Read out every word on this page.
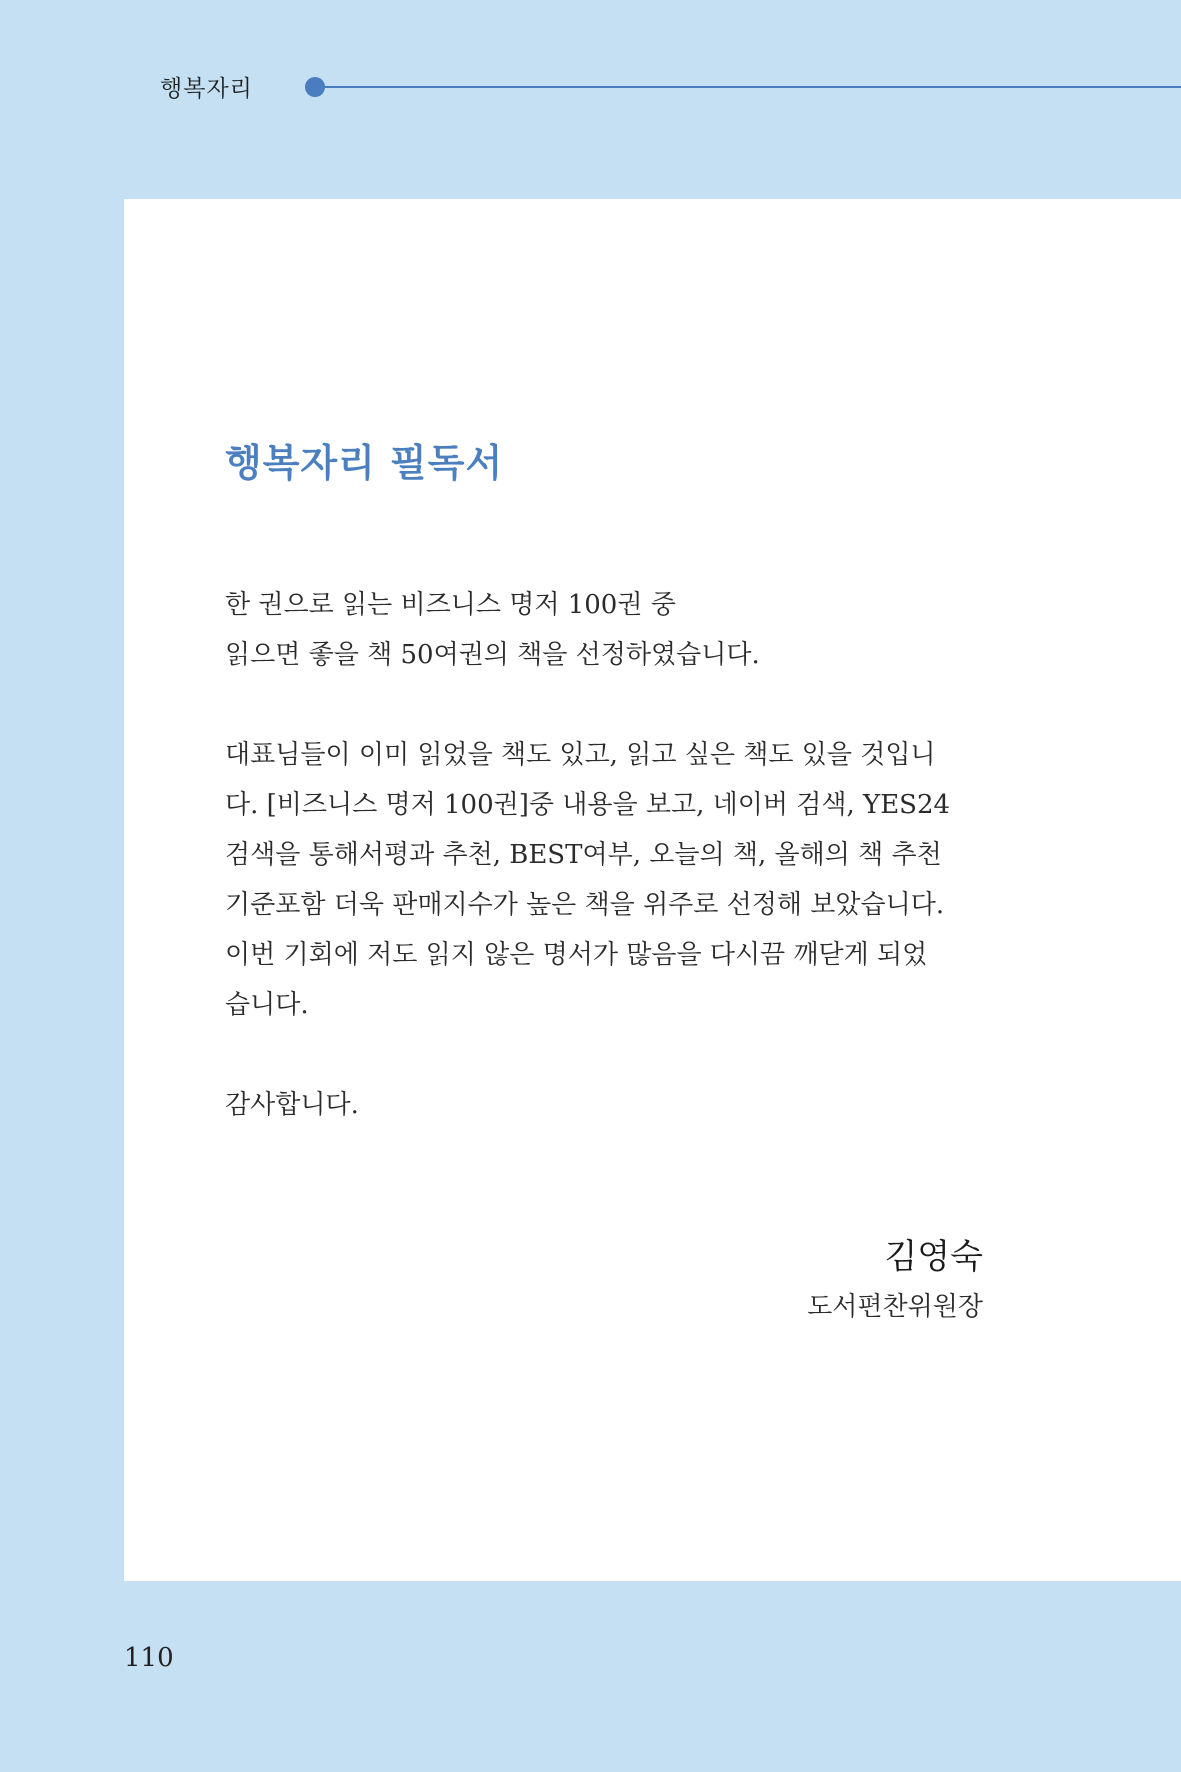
행복자리
행복자리 필독서

한 권으로 읽는 비즈니스 명저 100권 중
읽으면 좋을 책 50여권의 책을 선정하였습니다.

대표님들이 이미 읽었을 책도 있고, 읽고 싶은 책도 있을 것입니
다. [비즈니스 명저 100권]중 내용을 보고, 네이버 검색, YES24
검색을 통해서평과 추천, BEST여부, 오늘의 책, 올해의 책 추천
기준포함 더욱 판매지수가 높은 책을 위주로 선정해 보았습니다.
이번 기회에 저도 읽지 않은 명서가 많음을 다시끔 깨닫게 되었
습니다.

감사합니다.

김영숙
도서편찬위원장
110
